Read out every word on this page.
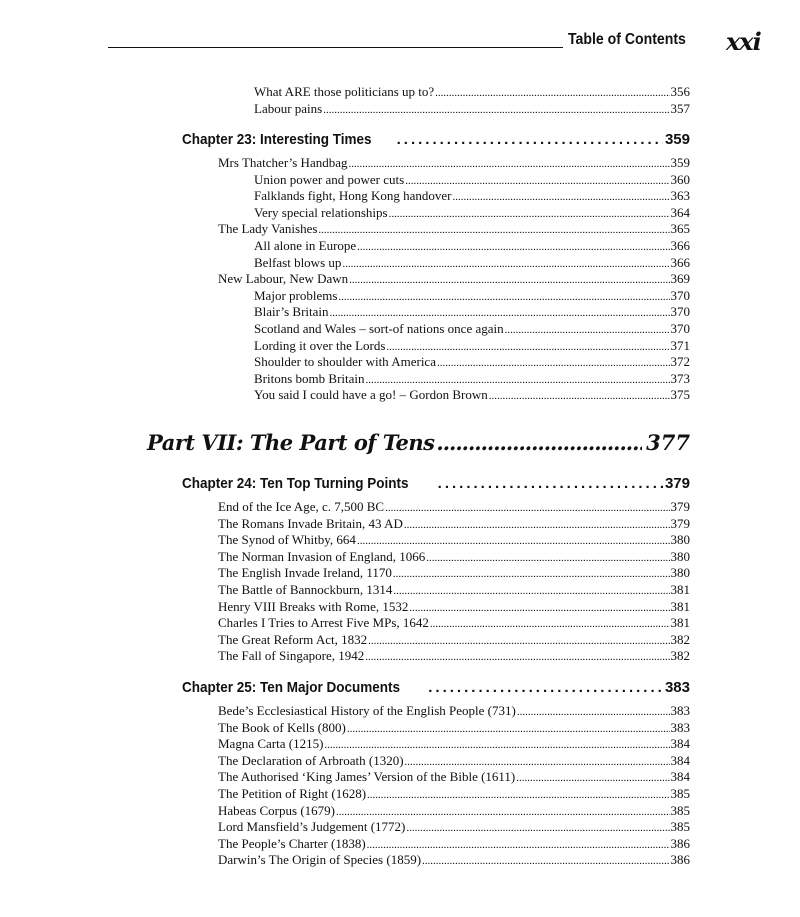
Table of Contents xxi
What ARE those politicians up to? .....	356
Labour pains .....	357
Chapter 23: Interesting Times .....	359
Mrs Thatcher’s Handbag .....	359
Union power and power cuts .....	360
Falklands fight, Hong Kong handover .....	363
Very special relationships .....	364
The Lady Vanishes .....	365
All alone in Europe .....	366
Belfast blows up .....	366
New Labour, New Dawn .....	369
Major problems .....	370
Blair’s Britain .....	370
Scotland and Wales – sort-of nations once again .....	370
Lording it over the Lords .....	371
Shoulder to shoulder with America .....	372
Britons bomb Britain .....	373
You said I could have a go! – Gordon Brown .....	375
Part VII: The Part of Tens .....	377
Chapter 24: Ten Top Turning Points .....	379
End of the Ice Age, c. 7,500 BC .....	379
The Romans Invade Britain, 43 AD .....	379
The Synod of Whitby, 664 .....	380
The Norman Invasion of England, 1066 .....	380
The English Invade Ireland, 1170 .....	380
The Battle of Bannockburn, 1314 .....	381
Henry VIII Breaks with Rome, 1532 .....	381
Charles I Tries to Arrest Five MPs, 1642 .....	381
The Great Reform Act, 1832 .....	382
The Fall of Singapore, 1942 .....	382
Chapter 25: Ten Major Documents .....	383
Bede’s Ecclesiastical History of the English People (731) .....	383
The Book of Kells (800) .....	383
Magna Carta (1215) .....	384
The Declaration of Arbroath (1320) .....	384
The Authorised ‘King James’ Version of the Bible (1611) .....	384
The Petition of Right (1628) .....	385
Habeas Corpus (1679) .....	385
Lord Mansfield’s Judgement (1772) .....	385
The People’s Charter (1838) .....	386
Darwin’s The Origin of Species (1859) .....	386
